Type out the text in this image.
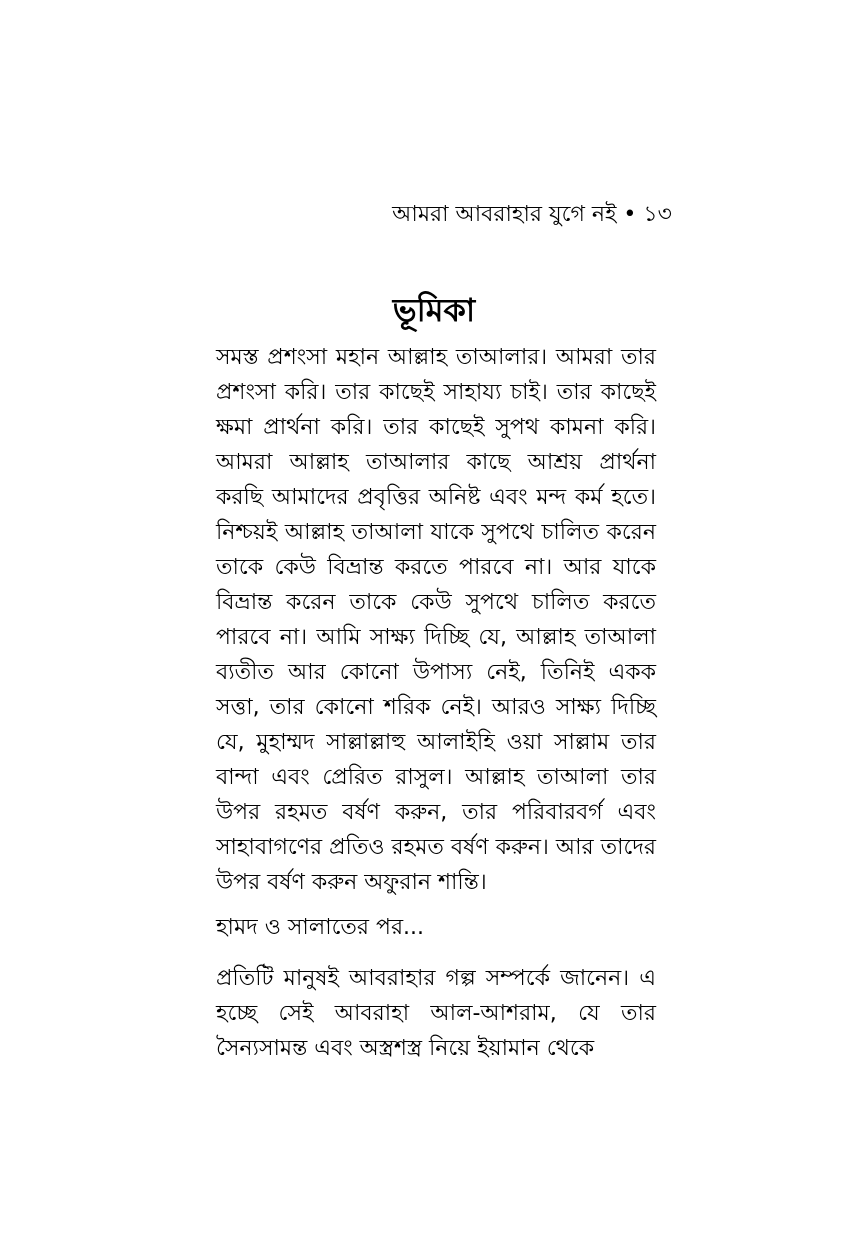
আমরা আবরাহার যুগে নই • ১৩
ভূমিকা

সমস্ত প্রশংসা মহান আল্লাহ তাআলার। আমরা তার প্রশংসা করি। তার কাছেই সাহায্য চাই। তার কাছেই ক্ষমা প্রার্থনা করি। তার কাছেই সুপথ কামনা করি। আমরা আল্লাহ তাআলার কাছে আশ্রয় প্রার্থনা করছি আমাদের প্রবৃত্তির অনিষ্ট এবং মন্দ কর্ম হতে। নিশ্চয়ই আল্লাহ তাআলা যাকে সুপথে চালিত করেন তাকে কেউ বিভ্রান্ত করতে পারবে না। আর যাকে বিভ্রান্ত করেন তাকে কেউ সুপথে চালিত করতে পারবে না। আমি সাক্ষ্য দিচ্ছি যে, আল্লাহ তাআলা ব্যতীত আর কোনো উপাস্য নেই, তিনিই একক সত্তা, তার কোনো শরিক নেই। আরও সাক্ষ্য দিচ্ছি যে, মুহাম্মদ সাল্লাল্লাহু আলাইহি ওয়া সাল্লাম তার বান্দা এবং প্রেরিত রাসুল। আল্লাহ তাআলা তার উপর রহমত বর্ষণ করুন, তার পরিবারবর্গ এবং সাহাবাগণের প্রতিও রহমত বর্ষণ করুন। আর তাদের উপর বর্ষণ করুন অফুরান শান্তি।

হামদ ও সালাতের পর...

প্রতিটি মানুষই আবরাহার গল্প সম্পর্কে জানেন। এ হচ্ছে সেই আবরাহা আল-আশরাম, যে তার সৈন্যসামন্ত এবং অস্ত্রশস্ত্র নিয়ে ইয়ামান থেকে
